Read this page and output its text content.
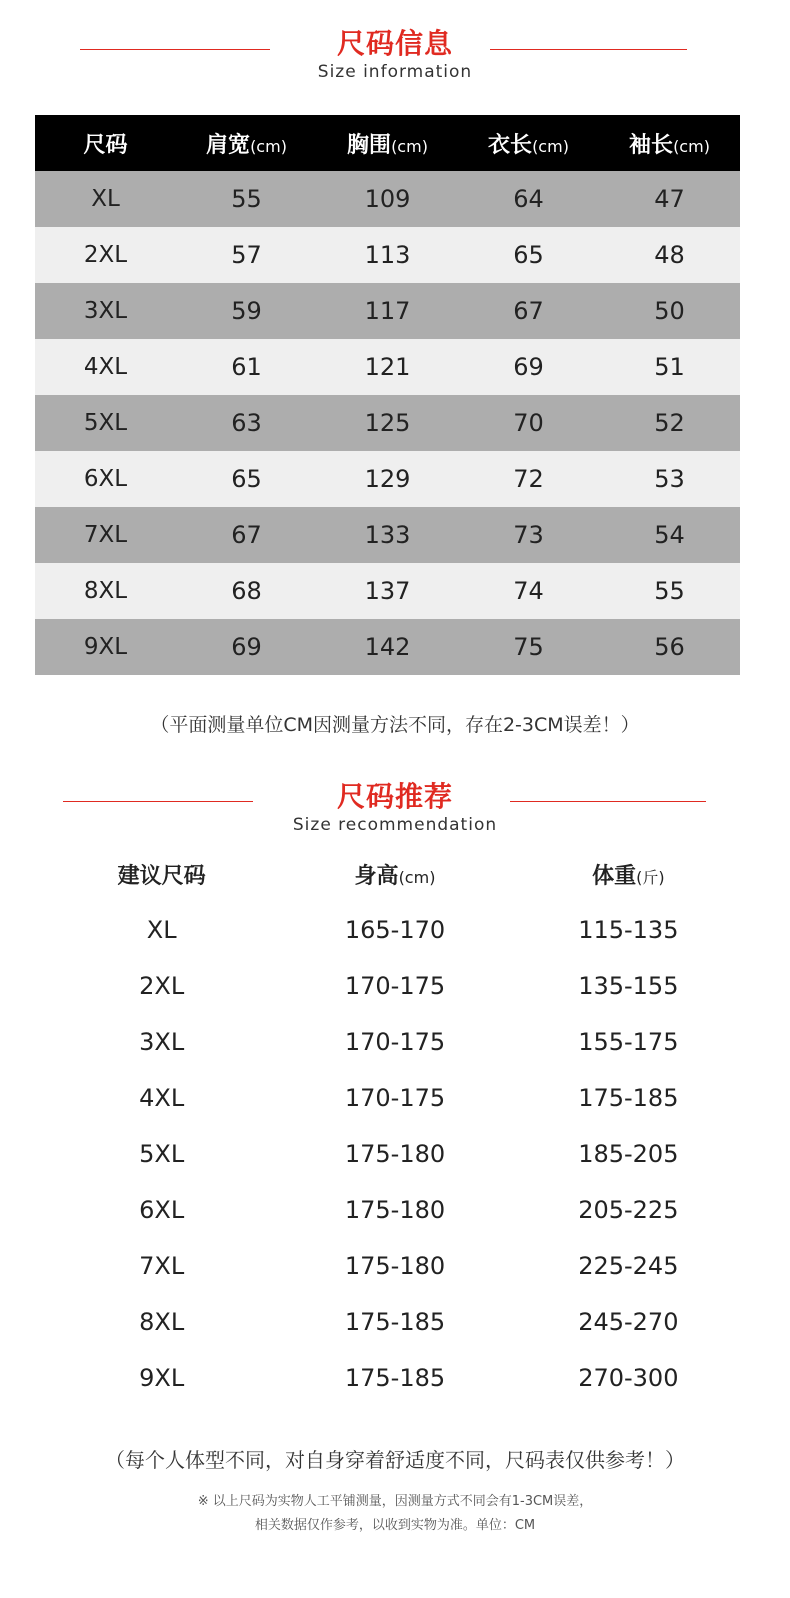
尺码信息
Size information
尺码	肩宽(cm)	胸围(cm)	衣长(cm)	袖长(cm)
XL	55	109	64	47
2XL	57	113	65	48
3XL	59	117	67	50
4XL	61	121	69	51
5XL	63	125	70	52
6XL	65	129	72	53
7XL	67	133	73	54
8XL	68	137	74	55
9XL	69	142	75	56
（平面测量单位CM因测量方法不同，存在2-3CM误差！）
尺码推荐
Size recommendation
建议尺码	身高(cm)	体重(斤)
XL	165-170	115-135
2XL	170-175	135-155
3XL	170-175	155-175
4XL	170-175	175-185
5XL	175-180	185-205
6XL	175-180	205-225
7XL	175-180	225-245
8XL	175-185	245-270
9XL	175-185	270-300
（每个人体型不同，对自身穿着舒适度不同，尺码表仅供参考！）
※ 以上尺码为实物人工平铺测量，因测量方式不同会有1-3CM误差，
相关数据仅作参考，以收到实物为准。单位：CM
